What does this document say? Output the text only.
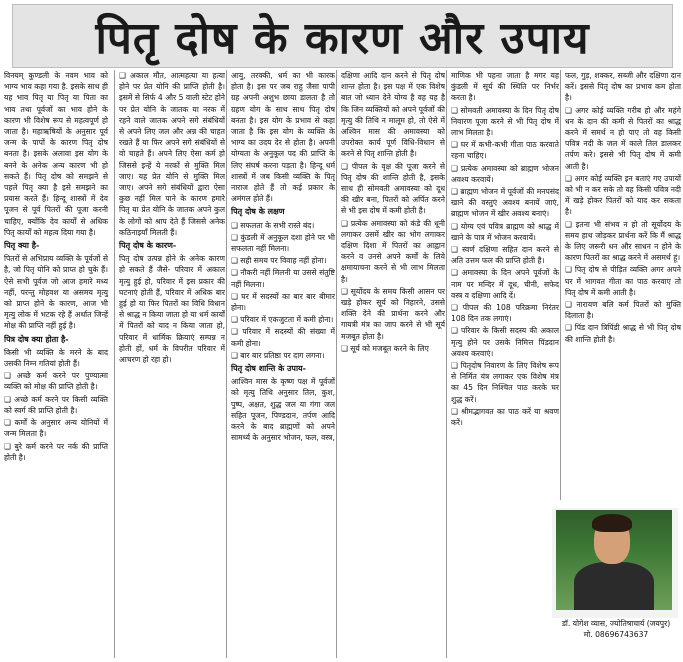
पितृ दोष के कारण और उपाय

विनयम् कुण्डली के नवम भाव को भाग्य भाव कहा गया है. इसके साथ ही यह भाव पितृ या पितृ या पिता का भाव तथा पूर्वजों का भाव होने के कारण भी विशेष रूप से महत्वपूर्ण हो जाता है। महाऋषियों के अनुसार पूर्व जन्म के पापों के कारण पितृ दोष बनता है। इसके अलावा इस योग के बनने के अनेक अन्य कारण भी हो सकते हैं। पितृ दोष को समझने से पहले पितृ क्या है इसे समझने का प्रयास करते हैं। हिन्दू शास्त्रों में देव पूजन से पूर्व पितरों की पूजा करनी चाहिए, क्योंकि देव कार्यों से अधिक पितृ कार्यों को महत्व दिया गया है।

पितृ क्या है-

पितरों से अभिप्राय व्यक्ति के पूर्वजों से है, जो पितृ योनि को प्राप्त हो चुके हैं। ऐसे सभी पूर्वज जो आज हमारे मध्य नहीं, परन्तु मोहवश या असमय मृत्यु को प्राप्त होने के कारण, आज भी मृत्यु लोक में भटक रहे हैं अर्थात जिन्हें मोक्ष की प्राप्ति नहीं हुई है।

पित्र दोष क्या होता है-

किसी भी व्यक्ति के मरने के बाद उसकी निम्न गतियां होती हैं।

❑ अच्छे कर्म करने पर पुण्यात्मा व्यक्ति को मोक्ष की प्राप्ति होती है।

❑ अच्छे कर्म करने पर किसी व्यक्ति को स्वर्ग की प्राप्ति होती है।

❑ कर्मों के अनुसार अन्य योनियों में जन्म मिलता है।

❑ बुरे कर्म करने पर नर्क की प्राप्ति होती है।

❑ अकाल मौत, आत्महत्या या हत्या होने पर प्रेत योनि की प्राप्ति होती है। इसमें से सिर्फ 4 और 5 वाली स्टेट होने पर प्रेत योनि के जातक या नरक में रहने वाले जातक अपने सगे संबंधियों से अपने लिए जल और अन्न की चाहत रखते हैं या फिर अपने सगे संबंधियों से वो चाहते हैं। अपने लिए ऐसा कर्म हो जिससे इन्हें ये नरकों से मुक्ति मिल जाए। यह प्रेत योनि से मुक्ति मिल जाए। अपने सगे संबंधियों द्वारा ऐसा कुछ नहीं मिल पाने के कारण हमारे पितृ या प्रेत योनि के जातक अपने कुल के लोगों को श्राप देते हैं जिससे अनेक कठिनाइयाँ मिलती हैं।

पितृ दोष के कारण-

पितृ दोष उत्पन्न होने के अनेक कारण हो सकते हैं जैसे- परिवार में अकाल मृत्यु हुई हो, परिवार में इस प्रकार की घटनाएं होती हैं, परिवार में अधिक बार हुई हो या फिर पितरों का विधि विधान से श्राद्ध न किया जाता हो या धर्म कार्यों में पितरों को याद न किया जाता हो, परिवार में धार्मिक क्रियाएं सम्पन्न न होती हों, धर्म के विपरीत परिवार में आचरण हो रहा हो।

आयु, तरक्की, धर्म का भी कारक होता है। इस पर जब राहु जैसा पापी ग्रह अपनी अशुभ छाया डालता है तो ग्रहण योग के साथ साथ पितृ दोष बनता है। इस योग के प्रभाव से कहा जाता है कि इस योग के व्यक्ति के भाग्य का उदय देर से होता है। अपनी योग्यता के अनुकूल पद की प्राप्ति के लिए संघर्ष करना पड़ता है। हिन्दू धर्म शास्त्रों में जब किसी व्यक्ति के पितृ नाराज होते हैं तो कई प्रकार के अमंगल होते हैं।

पितृ दोष के लक्षण

❑ सफलता के सभी रास्ते बंद।

❑ कुंडली में अनुकूल दशा होने पर भी सफलता नहीं मिलना।

❑ सही समय पर विवाह नहीं होना।

❑ नौकरी नहीं मिलनी या उससे संतुष्टि नहीं मिलना।

❑ घर में सदस्यों का बार बार बीमार होना।

❑ परिवार में एकजुटता में कमी होना।

❑ परिवार में सदस्यों की संख्या में कमी होना।

❑ बार बार प्रतिष्ठा पर दाग लगना।

पितृ दोष शान्ति के उपाय-

आश्विन मास के कृष्ण पक्ष में पूर्वजों को मृत्यु तिथि अनुसार तिल, कुश, पुष्प, अक्षत, शुद्ध जल या गंगा जल सहित पूजन, पिण्डदान, तर्पण आदि करने के बाद ब्राह्मणों को अपने सामर्थ्य के अनुसार भोजन, फल, वस्त्र,

दक्षिणा आदि दान करने से पितृ दोष शान्त होता है। इस पक्ष में एक विशेष बात जो ध्यान देने योग्य है वह यह है कि जिन व्यक्तियों को अपने पूर्वजों की मृत्यु की तिथि न मालूम हो, तो ऐसे में अश्विन मास की अमावस्या को उपरोक्त कार्य पूर्ण विधि-विधान से करने से पितृ शान्ति होती है।

❑ पीपल के वृक्ष की पूजा करने से पितृ दोष की शान्ति होती है, इसके साथ ही सोमवती अमावस्या को दूध की खीर बना, पितरों को अर्पित करने से भी इस दोष में कमी होती है।

❑ प्रत्येक अमावस्या को कंडे की धूनी लगाकर उसमें खीर का भोग लगाकर दक्षिण दिशा में पितरों का आह्वान करने व उनसे अपने कर्मों के लिये क्षमायाचना करने से भी लाभ मिलता है।

❑ सूर्योदय के समय किसी आसन पर खड़े होकर सूर्य को निहारने, उससे शक्ति देने की प्रार्थना करने और गायत्री मंत्र का जाप करने से भी सूर्य मजबूत होता है।

❑ सूर्य को मजबूत करने के लिए

माणिक भी पहना जाता है मगर यह कुंडली में सूर्य की स्थिति पर निर्भर करता है।

❑ सोमवती अमावस्या के दिन पितृ दोष निवारण पूजा करने से भी पितृ दोष में लाभ मिलता है।

❑ घर में कभी-कभी गीता पाठ करवाते रहना चाहिए।

❑ प्रत्येक अमावस्या को ब्राह्मण भोजन अवश्य करवायें।

❑ ब्राह्मण भोजन में पूर्वजों की मनपसंद खाने की वस्तुएं अवश्य बनायें जाएं, ब्राह्मण भोजन में खीर अवश्य बनाएं।

❑ योग्य एवं पवित्र ब्राह्मण को श्राद्ध में खाने के पात्र में भोजन करवायें।

❑ स्वर्ण दक्षिणा सहित दान करने से अति उत्तम फल की प्राप्ति होती है।

❑ अमावस्या के दिन अपने पूर्वजों के नाम पर मन्दिर में दूध, चीनी, सफेद वस्त्र व दक्षिणा आदि दें।

❑ पीपल की 108 परिक्रमा निरंतर 108 दिन तक लगाएं।

❑ परिवार के किसी सदस्य की अकाल मृत्यु होने पर उसके निमित्त पिंडदान अवश्य करवाएं।

❑ पितृदोष निवारण के लिए विशेष रूप से निर्मित यंत्र लगाकर एक विशेष मंत्र का 45 दिन निश्चित पाठ करके घर शुद्ध करें।

❑ श्रीमद्भागवत का पाठ करें या श्रवण करें।

फल, गुड़, शक्कर, सब्जी और दक्षिणा दान करें। इससे पितृ दोष का प्रभाव कम होता है।

❑ अगर कोई व्यक्ति गरीब हो और महंगे धन के दान की कमी से पितरों का श्राद्ध करने में समर्थ न हो पाए तो वह किसी पवित्र नदी के जल में काले तिल डालकर तर्पण करे। इससे भी पितृ दोष में कमी आती है।

❑ अगर कोई व्यक्ति इन बताएं गए उपायों को भी न कर सके तो वह किसी पवित्र नदी में खड़े होकर पितरों को याद कर सकता है।

❑ इतना भी संभव न हो तो सूर्योदय के समय हाथ जोड़कर प्रार्थना करें कि मैं श्राद्ध के लिए जरूरी धन और साधन न होने के कारण पितरों का श्राद्ध करने में असमर्थ हूं।

❑ पितृ दोष से पीड़ित व्यक्ति अगर अपने घर में भागवत गीता का पाठ करवाए तो पितृ दोष में कमी आती है।

❑ नारायण बलि कर्म पितरों को मुक्ति दिलाता है।

❑ पिंड दान त्रिपिंडी श्राद्ध से भी पितृ दोष की शान्ति होती है।

डॉ. योगेश व्यास, ज्योतिषाचार्य (जयपुर)
मो. 08696743637
